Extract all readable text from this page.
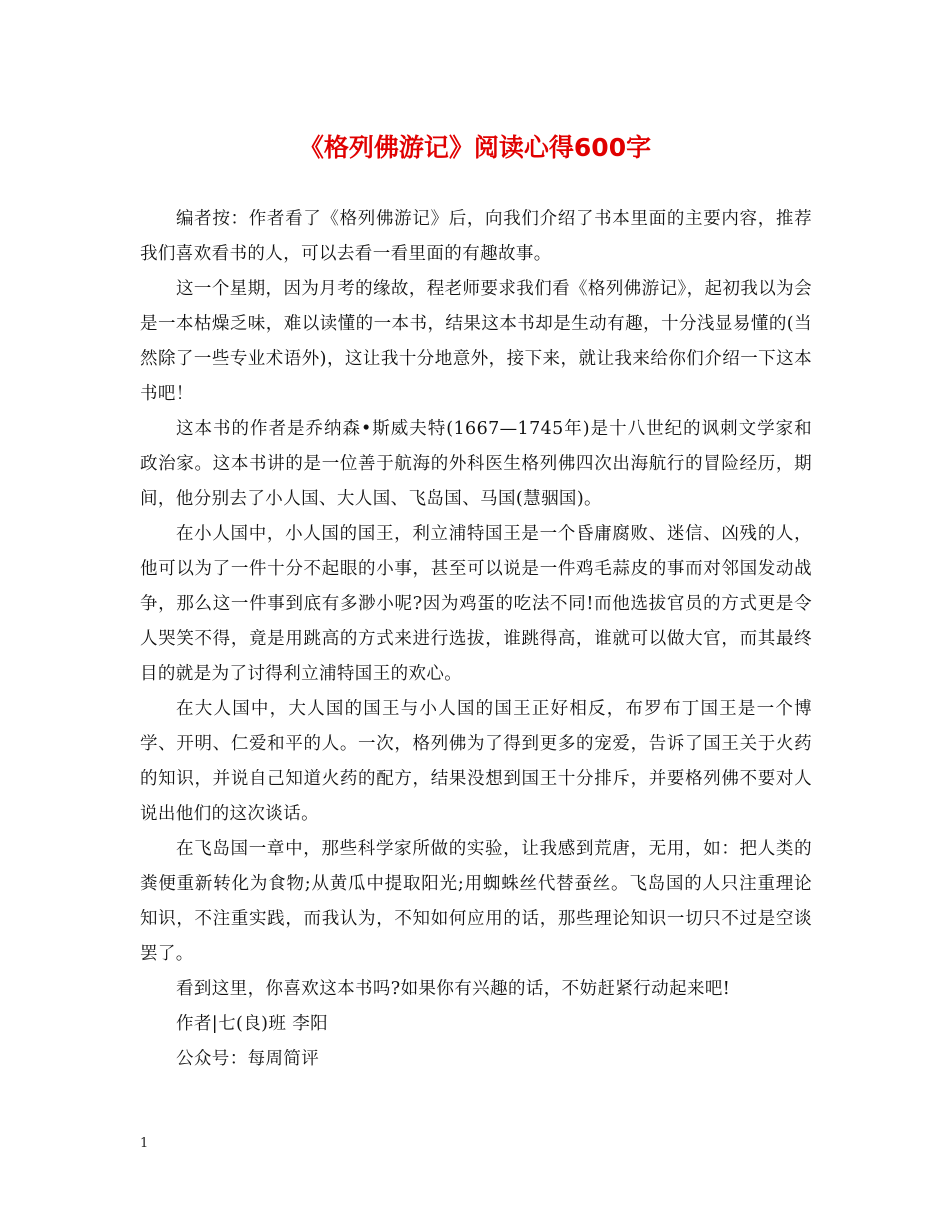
《格列佛游记》阅读心得600字

编者按：作者看了《格列佛游记》后，向我们介绍了书本里面的主要内容，推荐我们喜欢看书的人，可以去看一看里面的有趣故事。

这一个星期，因为月考的缘故，程老师要求我们看《格列佛游记》，起初我以为会是一本枯燥乏味，难以读懂的一本书，结果这本书却是生动有趣，十分浅显易懂的(当然除了一些专业术语外)，这让我十分地意外，接下来，就让我来给你们介绍一下这本书吧！

这本书的作者是乔纳森•斯威夫特(1667—1745年)是十八世纪的讽刺文学家和政治家。这本书讲的是一位善于航海的外科医生格列佛四次出海航行的冒险经历，期间，他分别去了小人国、大人国、飞岛国、马国(慧骃国)。

在小人国中，小人国的国王，利立浦特国王是一个昏庸腐败、迷信、凶残的人，他可以为了一件十分不起眼的小事，甚至可以说是一件鸡毛蒜皮的事而对邻国发动战争，那么这一件事到底有多渺小呢?因为鸡蛋的吃法不同!而他选拔官员的方式更是令人哭笑不得，竟是用跳高的方式来进行选拔，谁跳得高，谁就可以做大官，而其最终目的就是为了讨得利立浦特国王的欢心。

在大人国中，大人国的国王与小人国的国王正好相反，布罗布丁国王是一个博学、开明、仁爱和平的人。一次，格列佛为了得到更多的宠爱，告诉了国王关于火药的知识，并说自己知道火药的配方，结果没想到国王十分排斥，并要格列佛不要对人说出他们的这次谈话。

在飞岛国一章中，那些科学家所做的实验，让我感到荒唐，无用，如：把人类的粪便重新转化为食物;从黄瓜中提取阳光;用蜘蛛丝代替蚕丝。飞岛国的人只注重理论知识，不注重实践，而我认为，不知如何应用的话，那些理论知识一切只不过是空谈罢了。

看到这里，你喜欢这本书吗?如果你有兴趣的话，不妨赶紧行动起来吧!

作者|七(良)班 李阳

公众号：每周简评

1
